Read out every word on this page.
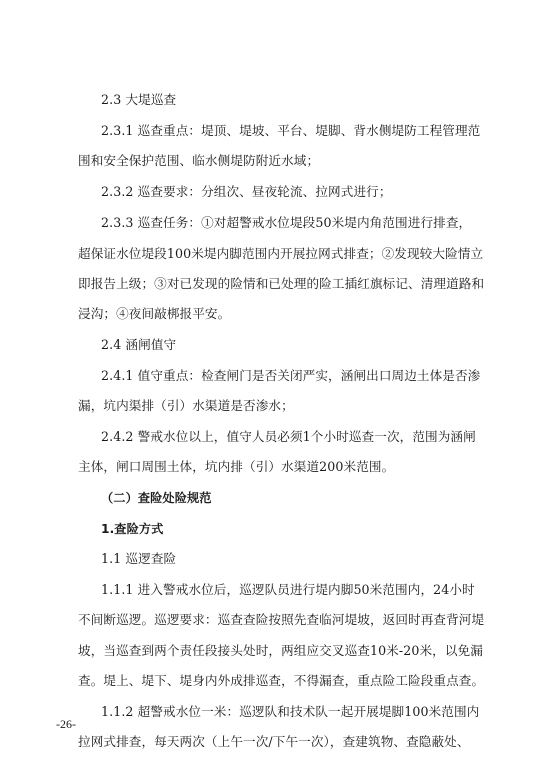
2.3 大堤巡查
2.3.1 巡查重点：堤顶、堤坡、平台、堤脚、背水侧堤防工程管理范
围和安全保护范围、临水侧堤防附近水域；
2.3.2 巡查要求：分组次、昼夜轮流、拉网式进行；
2.3.3 巡查任务：①对超警戒水位堤段50米堤内角范围进行排查，
超保证水位堤段100米堤内脚范围内开展拉网式排查；②发现较大险情立
即报告上级；③对已发现的险情和已处理的险工插红旗标记、清理道路和
浸沟；④夜间敲梆报平安。
2.4 涵闸值守
2.4.1 值守重点：检查闸门是否关闭严实，涵闸出口周边土体是否渗
漏，坑内渠排（引）水渠道是否渗水；
2.4.2 警戒水位以上，值守人员必须1个小时巡查一次，范围为涵闸
主体，闸口周围土体，坑内排（引）水渠道200米范围。
（二）查险处险规范
1.查险方式
1.1 巡逻查险
1.1.1 进入警戒水位后，巡逻队员进行堤内脚50米范围内，24小时
不间断巡逻。巡逻要求：巡查查险按照先查临河堤坡，返回时再查背河堤
坡，当巡查到两个责任段接头处时，两组应交叉巡查10米-20米，以免漏
查。堤上、堤下、堤身内外成排巡查，不得漏查，重点险工险段重点查。
1.1.2 超警戒水位一米：巡逻队和技术队一起开展堤脚100米范围内
拉网式排查，每天两次（上午一次/下午一次），查建筑物、查隐蔽处、
-26-
